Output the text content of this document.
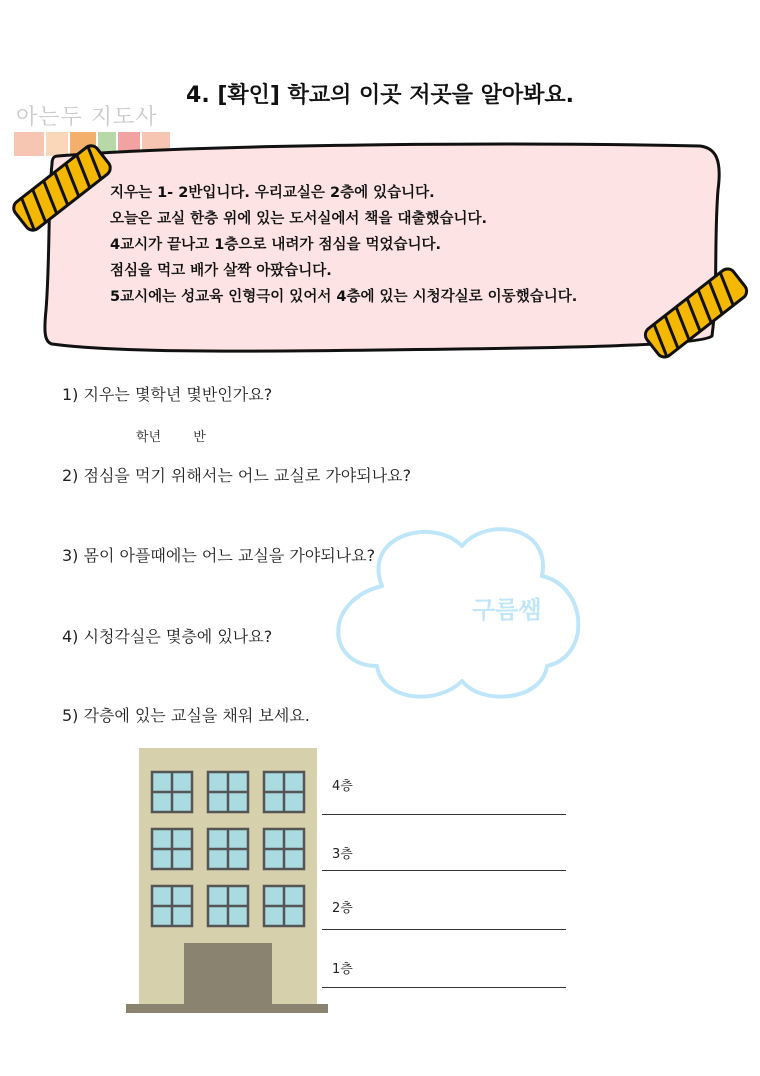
아는두 지도사
4. [확인] 학교의 이곳 저곳을 알아봐요.
지우는 1- 2반입니다. 우리교실은 2층에 있습니다.
오늘은 교실 한층 위에 있는 도서실에서 책을 대출했습니다.
4교시가 끝나고 1층으로 내려가 점심을 먹었습니다.
점심을 먹고 배가 살짝 아팠습니다.
5교시에는 성교육 인형극이 있어서 4층에 있는 시청각실로 이동했습니다.
1) 지우는 몇학년 몇반인가요?
학년 반
2) 점심을 먹기 위해서는 어느 교실로 가야되나요?
구름쌤
3) 몸이 아플때에는 어느 교실을 가야되나요?
4) 시청각실은 몇층에 있나요?
5) 각층에 있는 교실을 채워 보세요.
4층
3층
2층
1층
